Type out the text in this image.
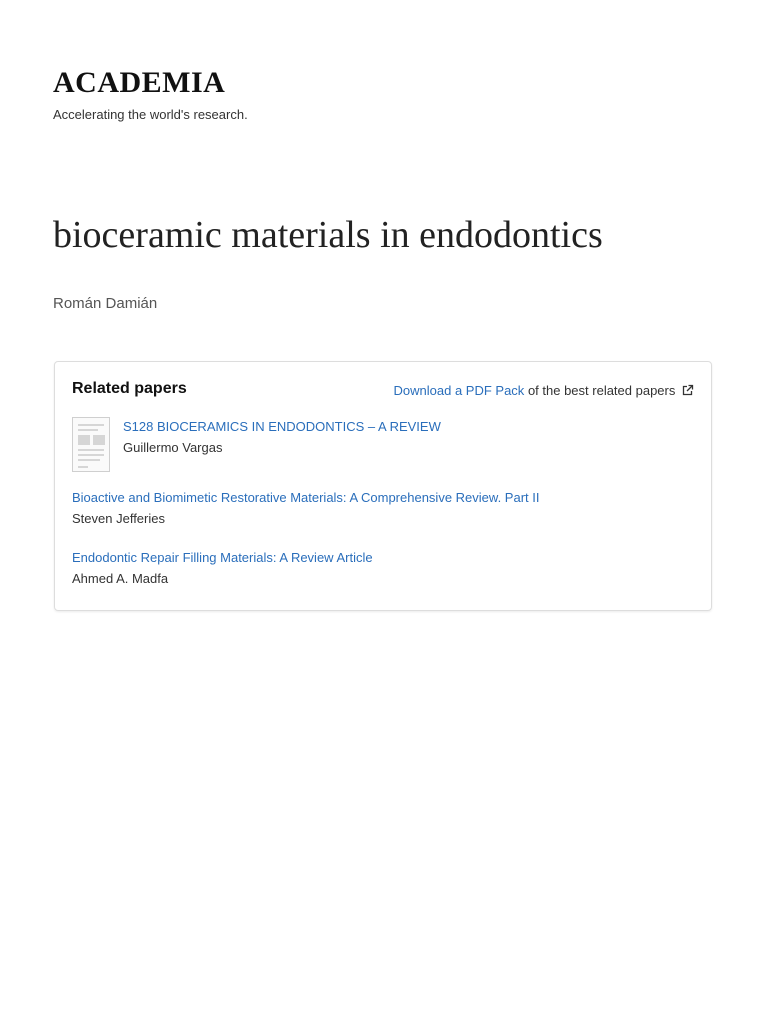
ACADEMIA
Accelerating the world's research.
bioceramic materials in endodontics
Román Damián
Related papers	Download a PDF Pack of the best related papers
S128 BIOCERAMICS IN ENDODONTICS – A REVIEW
Guillermo Vargas
Bioactive and Biomimetic Restorative Materials: A Comprehensive Review. Part II
Steven Jefferies
Endodontic Repair Filling Materials: A Review Article
Ahmed A. Madfa
